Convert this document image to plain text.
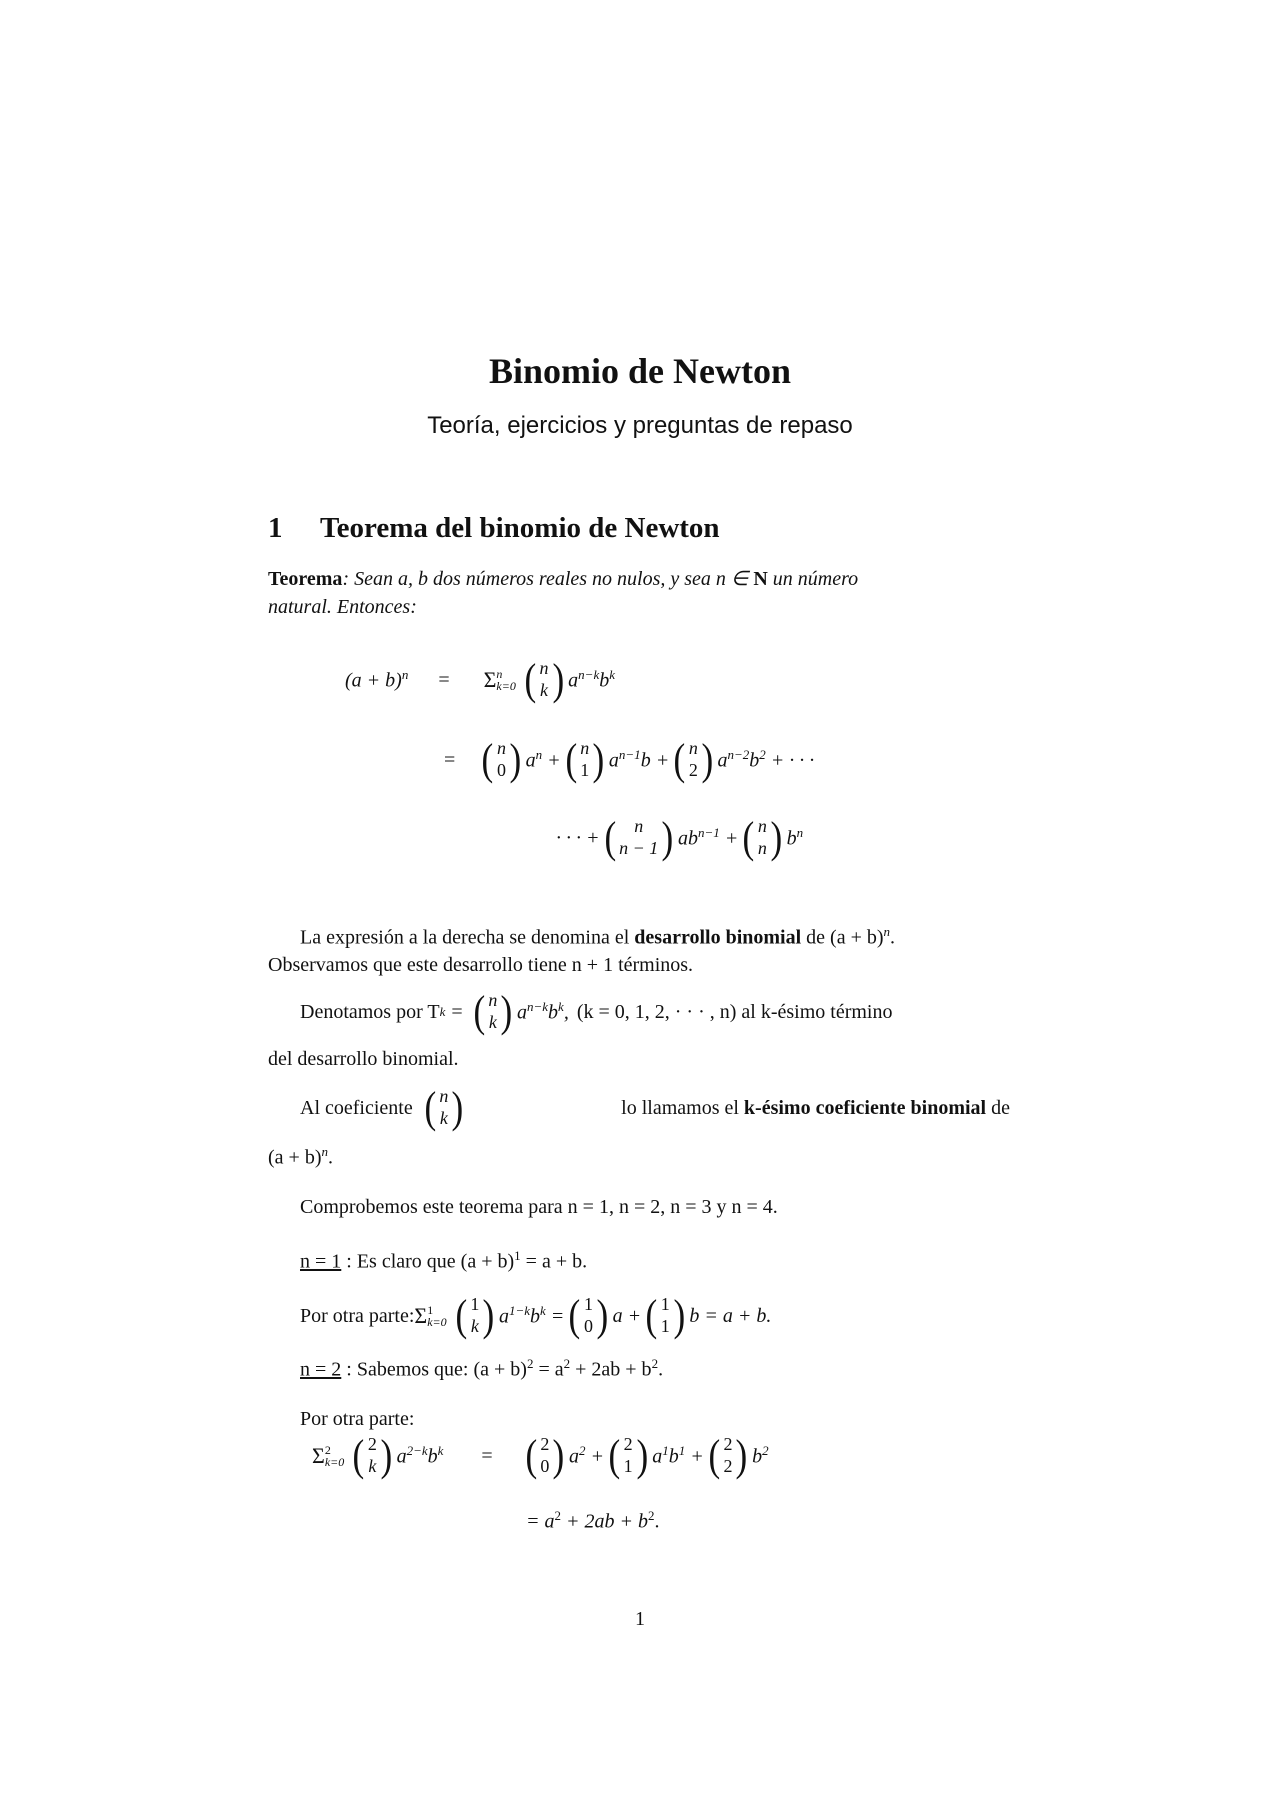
Binomio de Newton
Teoría, ejercicios y preguntas de repaso
1 Teorema del binomio de Newton
Teorema: Sean a, b dos números reales no nulos, y sea n ∈ N un número
natural. Entonces:
$(a + b)^n = \Sigma$ n
k=0 ( n
k ) $a^{n-k}b^k$
= ( n
0 ) $a^n$ + ( n
1 ) $a^{n-1}b$ + ( n
2 ) $a^{n-2}b^2$ + · · ·
· · · + ( n
n − 1 ) $ab^{n-1}$ + ( n
n ) $b^n$
La expresión a la derecha se denomina el desarrollo binomial de $(a + b)^n$.
Observamos que este desarrollo tiene n + 1 términos.
Denotamos por T k = ( n
k ) $a^{n-k}b^k$, (k = 0, 1, 2, · · · , n) al k-ésimo término
del desarrollo binomial.
Al coeficiente ( n
k )	lo llamamos el k-ésimo coeficiente binomial de
$(a + b)^n$.
Comprobemos este teorema para n = 1, n = 2, n = 3 y n = 4.
n = 1 : Es claro que $(a + b)^1 = a + b$.
Por otra parte: Σ 1
k=0 ( 1
k ) $a^{1-k}b^k$ = ( 1
0 ) a + ( 1
1 ) b = a + b.
n = 2 : Sabemos que: $(a + b)^2 = a^2 + 2ab + b^2$.
Por otra parte:
Σ 2
k=0 ( 2
k ) $a^{2-k}b^k$ = ( 2
0 ) $a^2$ + ( 2
1 ) $a^1b^1$ + ( 2
2 ) $b^2$
= $a^2 + 2ab + b^2$.
1
